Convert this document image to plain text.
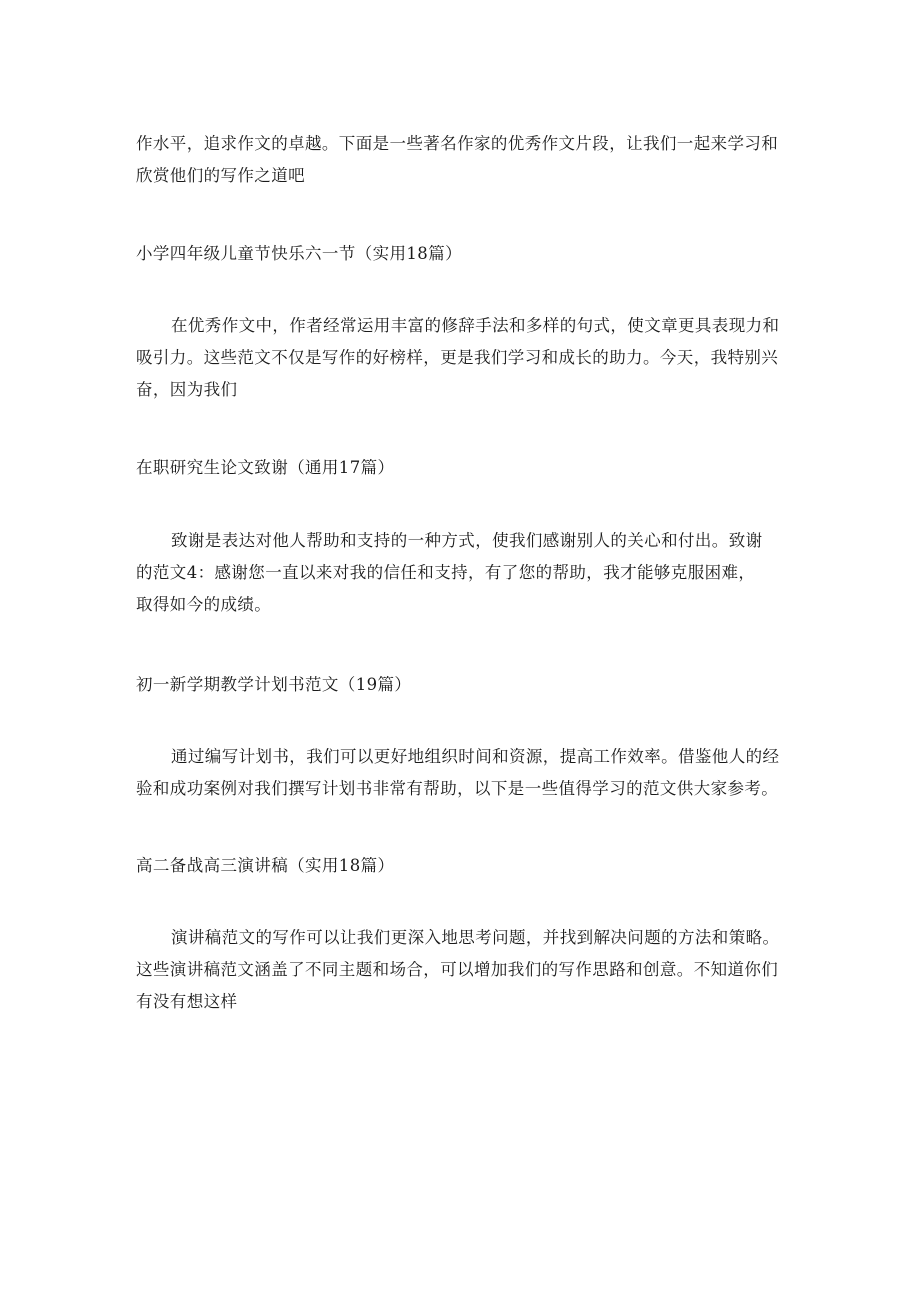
作水平，追求作文的卓越。下面是一些著名作家的优秀作文片段，让我们一起来学习和
欣赏他们的写作之道吧
小学四年级儿童节快乐六一节（实用18篇）
在优秀作文中，作者经常运用丰富的修辞手法和多样的句式，使文章更具表现力和
吸引力。这些范文不仅是写作的好榜样，更是我们学习和成长的助力。今天，我特别兴
奋，因为我们
在职研究生论文致谢（通用17篇）
致谢是表达对他人帮助和支持的一种方式，使我们感谢别人的关心和付出。致谢
的范文4：感谢您一直以来对我的信任和支持，有了您的帮助，我才能够克服困难，
取得如今的成绩。
初一新学期教学计划书范文（19篇）
通过编写计划书，我们可以更好地组织时间和资源，提高工作效率。借鉴他人的经
验和成功案例对我们撰写计划书非常有帮助，以下是一些值得学习的范文供大家参考。
高二备战高三演讲稿（实用18篇）
演讲稿范文的写作可以让我们更深入地思考问题，并找到解决问题的方法和策略。
这些演讲稿范文涵盖了不同主题和场合，可以增加我们的写作思路和创意。不知道你们
有没有想这样
